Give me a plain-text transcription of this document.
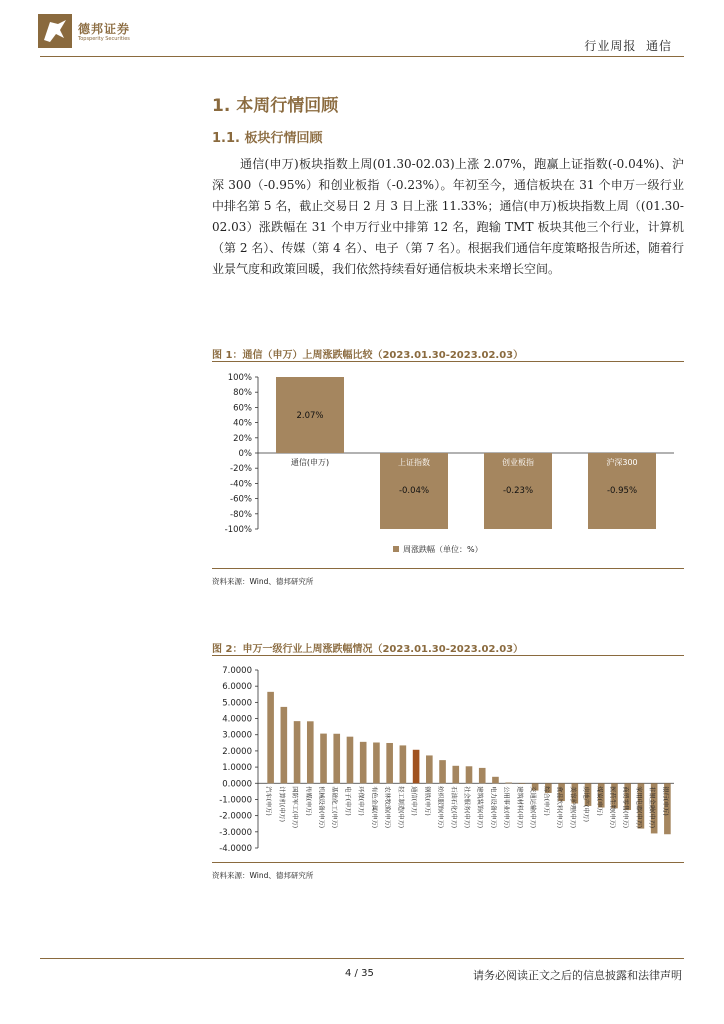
德邦证券
Topsperity Securities	行业周报 通信
1. 本周行情回顾
1.1. 板块行情回顾

通信(申万)板块指数上周(01.30-02.03)上涨 2.07%，跑赢上证指数(-0.04%)、沪深 300（-0.95%）和创业板指（-0.23%）。年初至今，通信板块在 31 个申万一级行业中排名第 5 名，截止交易日 2 月 3 日上涨 11.33%；通信(申万)板块指数上周（(01.30-02.03）涨跌幅在 31 个申万行业中排第 12 名，跑输 TMT 板块其他三个行业，计算机（第 2 名）、传媒（第 4 名）、电子（第 7 名）。根据我们通信年度策略报告所述，随着行业景气度和政策回暖，我们依然持续看好通信板块未来增长空间。

图 1：通信（申万）上周涨跌幅比较（2023.01.30-2023.02.03）
100%
80%
60%
40%
20%
0%
-20%
-40%
-60%
-80%
-100%
通信(申万)
2.07%
上证指数
-0.04%
创业板指
-0.23%
沪深300
-0.95%
周涨跌幅（单位：%）
资料来源：Wind、德邦研究所
图 2：申万一级行业上周涨跌幅情况（2023.01.30-2023.02.03）
7.0000
6.0000
5.0000
4.0000
3.0000
2.0000
1.0000
0.0000
-1.0000
-2.0000
-3.0000
-4.0000
汽车(申万) 计算机(申万) 国防军工(申万) 传媒(申万) 机械设备(申万) 基础化工(申万) 电子(申万) 环保(申万) 有色金属(申万) 农林牧渔(申万) 轻工制造(申万) 通信(申万) 钢铁(申万) 纺织服饰(申万) 石油石化(申万) 社会服务(申万) 建筑装饰(申万) 电力设备(申万) 公用事业(申万) 建筑材料(申万) 交通运输(申万) 综合(申万) 食品饮料(申万) 美容护理(申万) 房地产(申万) 煤炭(申万) 医药生物(申万) 商贸零售(申万) 家用电器(申万) 非银金融(申万) 银行(申万)
资料来源：Wind、德邦研究所
4 / 35	请务必阅读正文之后的信息披露和法律声明
